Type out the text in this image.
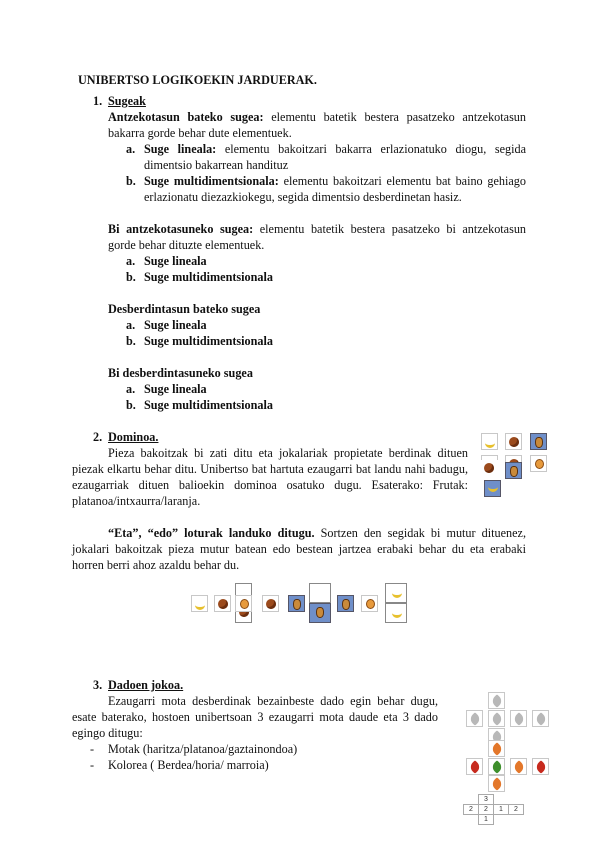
UNIBERTSO LOGIKOEKIN JARDUERAK.
1. Sugeak
Antzekotasun bateko sugea: elementu batetik bestera pasatzeko antzekotasun bakarra gorde behar dute elementuek.
a. Suge lineala: elementu bakoitzari bakarra erlazionatuko diogu, segida dimentsio bakarrean handituz
b. Suge multidimentsionala: elementu bakoitzari elementu bat baino gehiago erlazionatu diezazkiokegu, segida dimentsio desberdinetan hasiz.
Bi antzekotasuneko sugea: elementu batetik bestera pasatzeko bi antzekotasun gorde behar dituzte elementuek.
a. Suge lineala
b. Suge multidimentsionala
Desberdintasun bateko sugea
a. Suge lineala
b. Suge multidimentsionala
Bi desberdintasuneko sugea
a. Suge lineala
b. Suge multidimentsionala
2. Dominoa.
Pieza bakoitzak bi zati ditu eta jokalariak propietate berdinak dituen piezak elkartu behar ditu. Unibertso bat hartuta ezaugarri bat landu nahi badugu, ezaugarriak dituen balioekin dominoa osatuko dugu. Esaterako: Frutak: platanoa/intxaurra/laranja.
“Eta”, “edo” loturak landuko ditugu. Sortzen den segidak bi mutur dituenez, jokalari bakoitzak pieza mutur batean edo bestean jartzea erabaki behar du eta erabaki horren berri ahoz azaldu behar du.
3. Dadoen jokoa.
Ezaugarri mota desberdinak bezainbeste dado egin behar dugu, esate baterako, hostoen unibertsoan 3 ezaugarri mota daude eta 3 dado egingo ditugu:
- Motak (haritza/platanoa/gaztainondoa)
- Kolorea ( Berdea/horia/ marroia)
	3		
2	2	1	2
	1		
